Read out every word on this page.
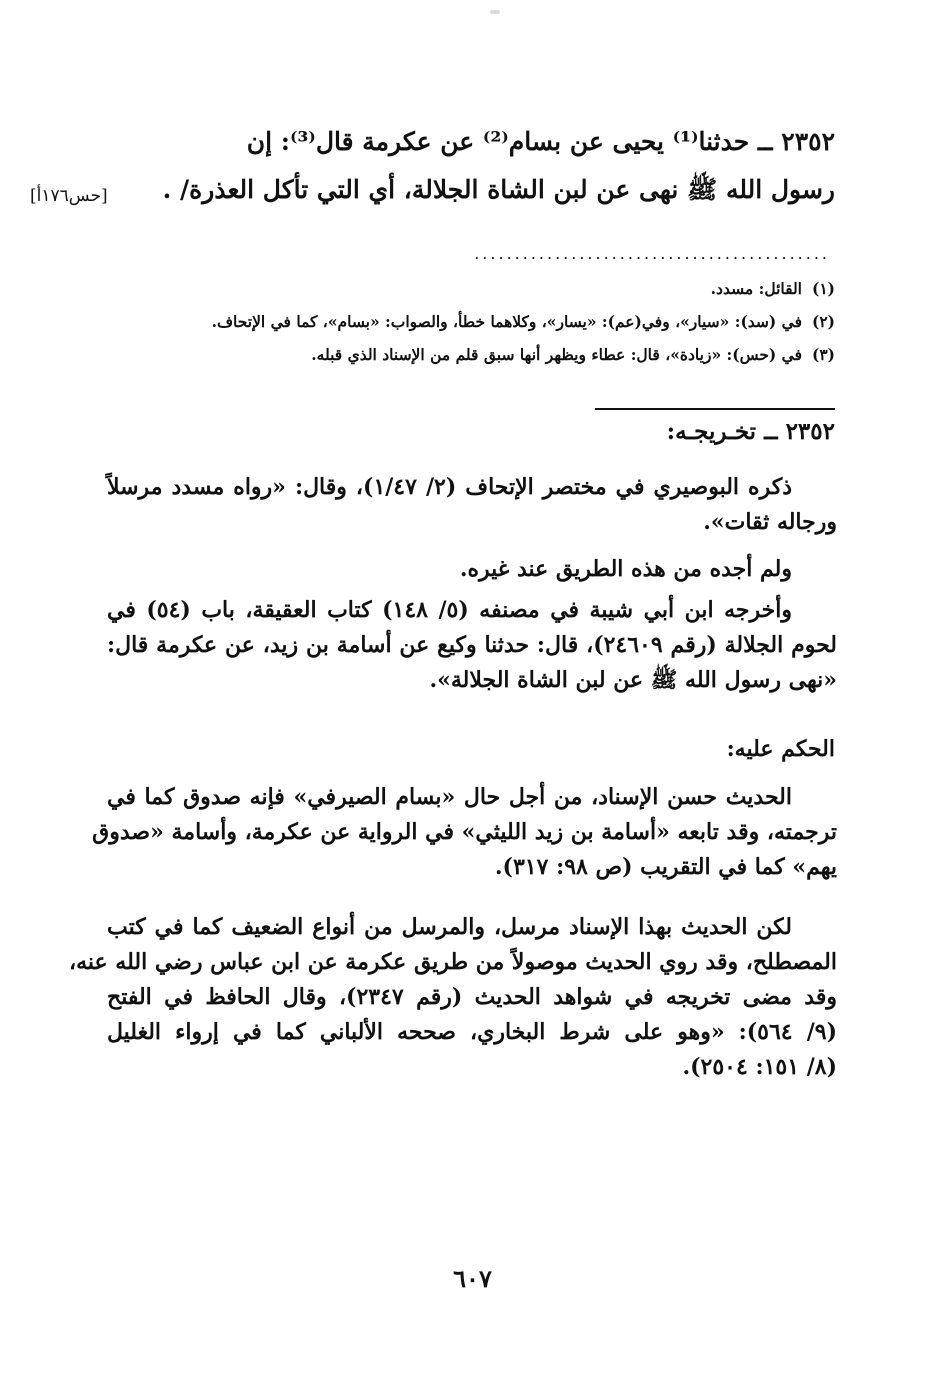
٢٣٥٢ ــ حدثنا⁽¹⁾ يحيى عن بسام⁽²⁾ عن عكرمة قال⁽³⁾: إن
رسول الله ﷺ نهى عن لبن الشاة الجلالة، أي التي تأكل العذرة/ .
[حس١٧٦أ]
............................................
(١)القائل: مسدد.
(٢)في (سد): «سيار»، وفي(عم): «يسار»، وكلاهما خطأ، والصواب: «بسام»، كما في الإتحاف.
(٣)في (حس): «زيادة»، قال: عطاء ويظهر أنها سبق قلم من الإسناد الذي قبله.
٢٣٥٢ ــ تخـريجـه:
ذكره البوصيري في مختصر الإتحاف (٢/ ١/٤٧)، وقال: «رواه مسدد مرسلاً
ورجاله ثقات».
ولم أجده من هذه الطريق عند غيره.
وأخرجه ابن أبي شيبة في مصنفه (٥/ ١٤٨) كتاب العقيقة، باب (٥٤) في
لحوم الجلالة (رقم ٢٤٦٠٩)، قال: حدثنا وكيع عن أسامة بن زيد، عن عكرمة قال:
«نهى رسول الله ﷺ عن لبن الشاة الجلالة».
الحكم عليه:
الحديث حسن الإسناد، من أجل حال «بسام الصيرفي» فإنه صدوق كما في
ترجمته، وقد تابعه «أسامة بن زيد الليثي» في الرواية عن عكرمة، وأسامة «صدوق
يهم» كما في التقريب (ص ٩٨: ٣١٧).
لكن الحديث بهذا الإسناد مرسل، والمرسل من أنواع الضعيف كما في كتب
المصطلح، وقد روي الحديث موصولاً من طريق عكرمة عن ابن عباس رضي الله عنه،
وقد مضى تخريجه في شواهد الحديث (رقم ٢٣٤٧)، وقال الحافظ في الفتح
(٩/ ٥٦٤): «وهو على شرط البخاري، صححه الألباني كما في إرواء الغليل
(٨/ ١٥١: ٢٥٠٤).
٦٠٧
